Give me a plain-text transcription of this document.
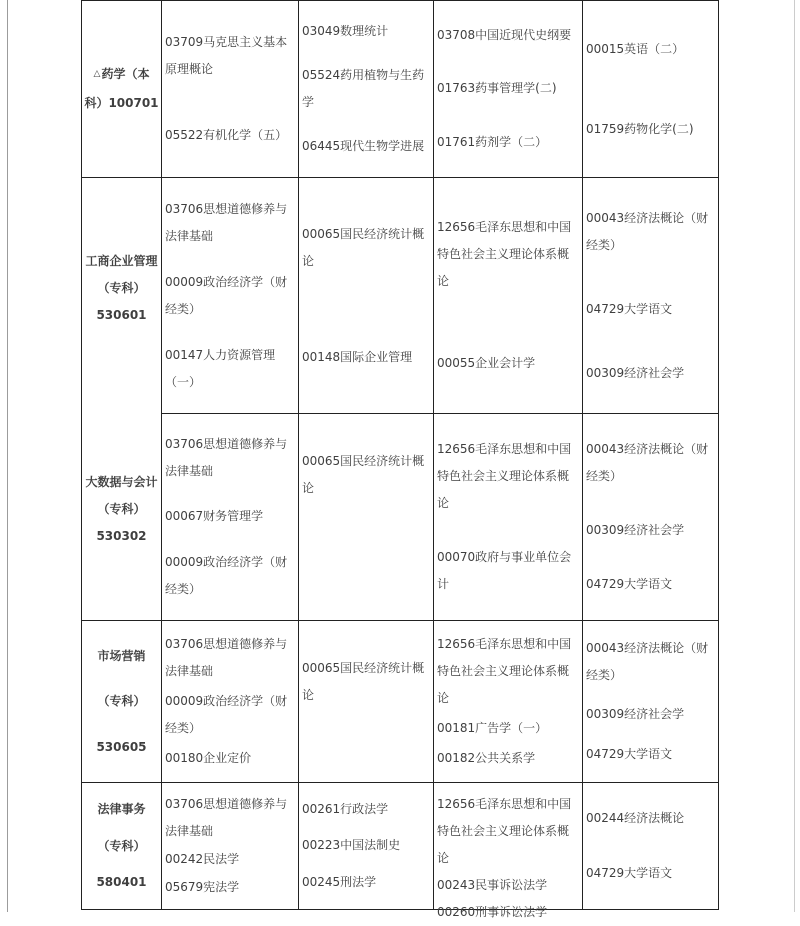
△药学（本
科）100701

03709马克思主义基本原理概论

05522有机化学（五）

03049数理统计

05524药用植物与生药学

06445现代生物学进展

03708中国近现代史纲要

01763药事管理学(二)

01761药剂学（二）

00015英语（二）

01759药物化学(二)

工商企业管理
（专科）
530601
大数据与会计
（专科）
530302

03706思想道德修养与法律基础

00009政治经济学（财经类）

00147人力资源管理（一）

00065国民经济统计概论

00148国际企业管理

12656毛泽东思想和中国特色社会主义理论体系概论

00055企业会计学

00043经济法概论（财经类）

04729大学语文

00309经济社会学

03706思想道德修养与法律基础

00067财务管理学

00009政治经济学（财经类）

00065国民经济统计概论

12656毛泽东思想和中国特色社会主义理论体系概论

00070政府与事业单位会计

00043经济法概论（财经类）

00309经济社会学

04729大学语文

市场营销
（专科）
530605

03706思想道德修养与法律基础

00009政治经济学（财经类）

00180企业定价

00065国民经济统计概论

12656毛泽东思想和中国特色社会主义理论体系概论

00181广告学（一）

00182公共关系学

00043经济法概论（财经类）

00309经济社会学

04729大学语文

法律事务
（专科）
580401

03706思想道德修养与法律基础

00242民法学

05679宪法学

00261行政法学

00223中国法制史

00245刑法学

12656毛泽东思想和中国特色社会主义理论体系概论

00243民事诉讼法学

00260刑事诉讼法学

00244经济法概论

04729大学语文
